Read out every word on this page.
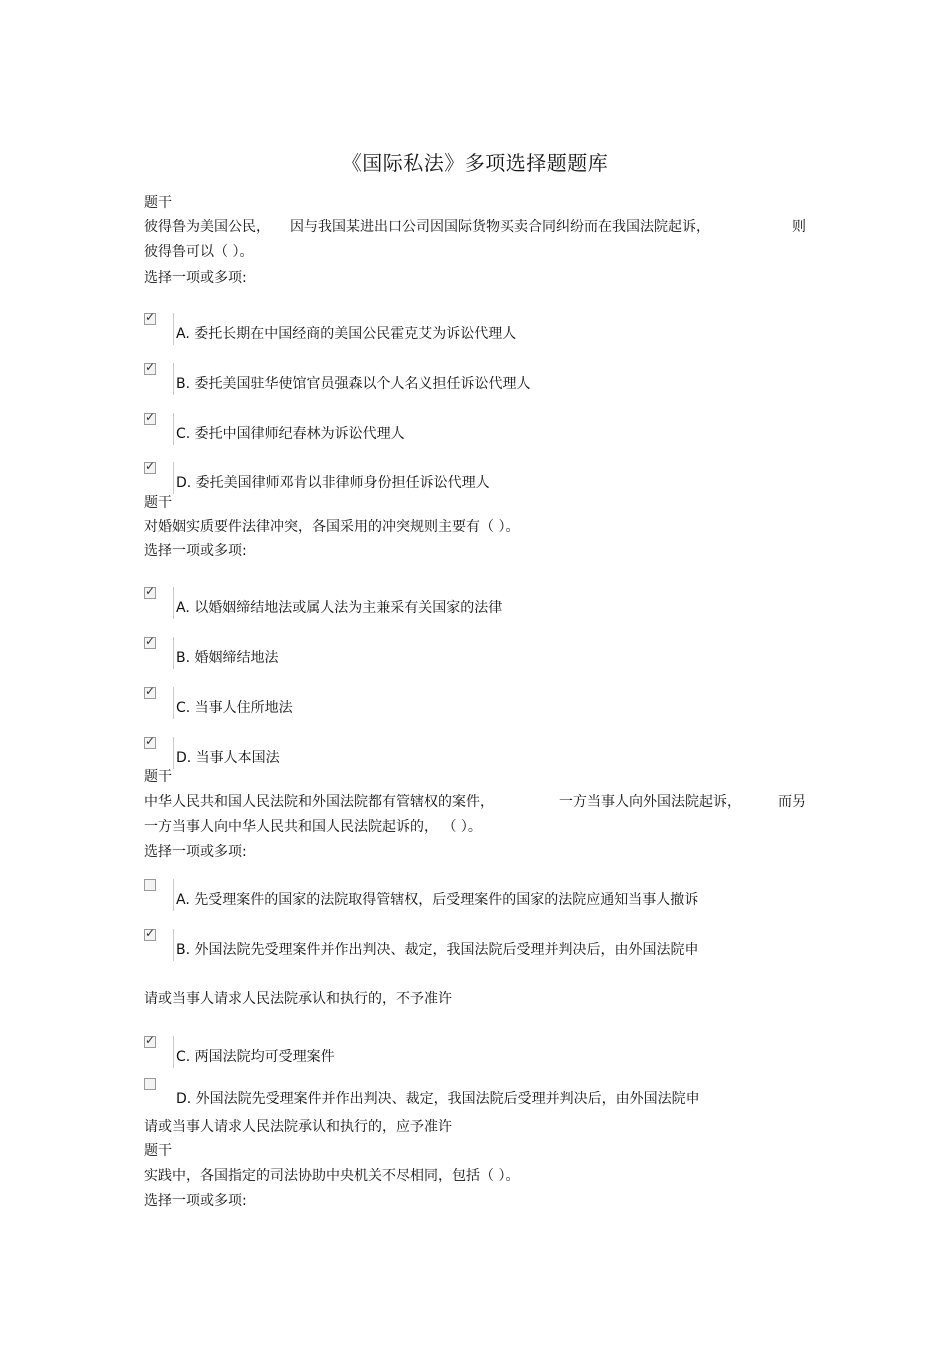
《国际私法》多项选择题题库
题干
彼得鲁为美国公民， 因与我国某进出口公司因国际货物买卖合同纠纷而在我国法院起诉，	则
彼得鲁可以（ ）。
选择一项或多项:
✓
A. 委托长期在中国经商的美国公民霍克艾为诉讼代理人
✓
B. 委托美国驻华使馆官员强森以个人名义担任诉讼代理人
✓
C. 委托中国律师纪春林为诉讼代理人
✓
D. 委托美国律师邓肯以非律师身份担任诉讼代理人
题干
对婚姻实质要件法律冲突，各国采用的冲突规则主要有（ ）。
选择一项或多项:
✓
A. 以婚姻缔结地法或属人法为主兼采有关国家的法律
✓
B. 婚姻缔结地法
✓
C. 当事人住所地法
✓
D. 当事人本国法
题干
中华人民共和国人民法院和外国法院都有管辖权的案件，	一方当事人向外国法院起诉，	而另
一方当事人向中华人民共和国人民法院起诉的， （ ）。
选择一项或多项:
A. 先受理案件的国家的法院取得管辖权，后受理案件的国家的法院应通知当事人撤诉
✓
B. 外国法院先受理案件并作出判决、裁定，我国法院后受理并判决后，由外国法院申
请或当事人请求人民法院承认和执行的，不予准许
✓
C. 两国法院均可受理案件
D. 外国法院先受理案件并作出判决、裁定，我国法院后受理并判决后，由外国法院申
请或当事人请求人民法院承认和执行的，应予准许
题干
实践中，各国指定的司法协助中央机关不尽相同，包括（ ）。
选择一项或多项:
